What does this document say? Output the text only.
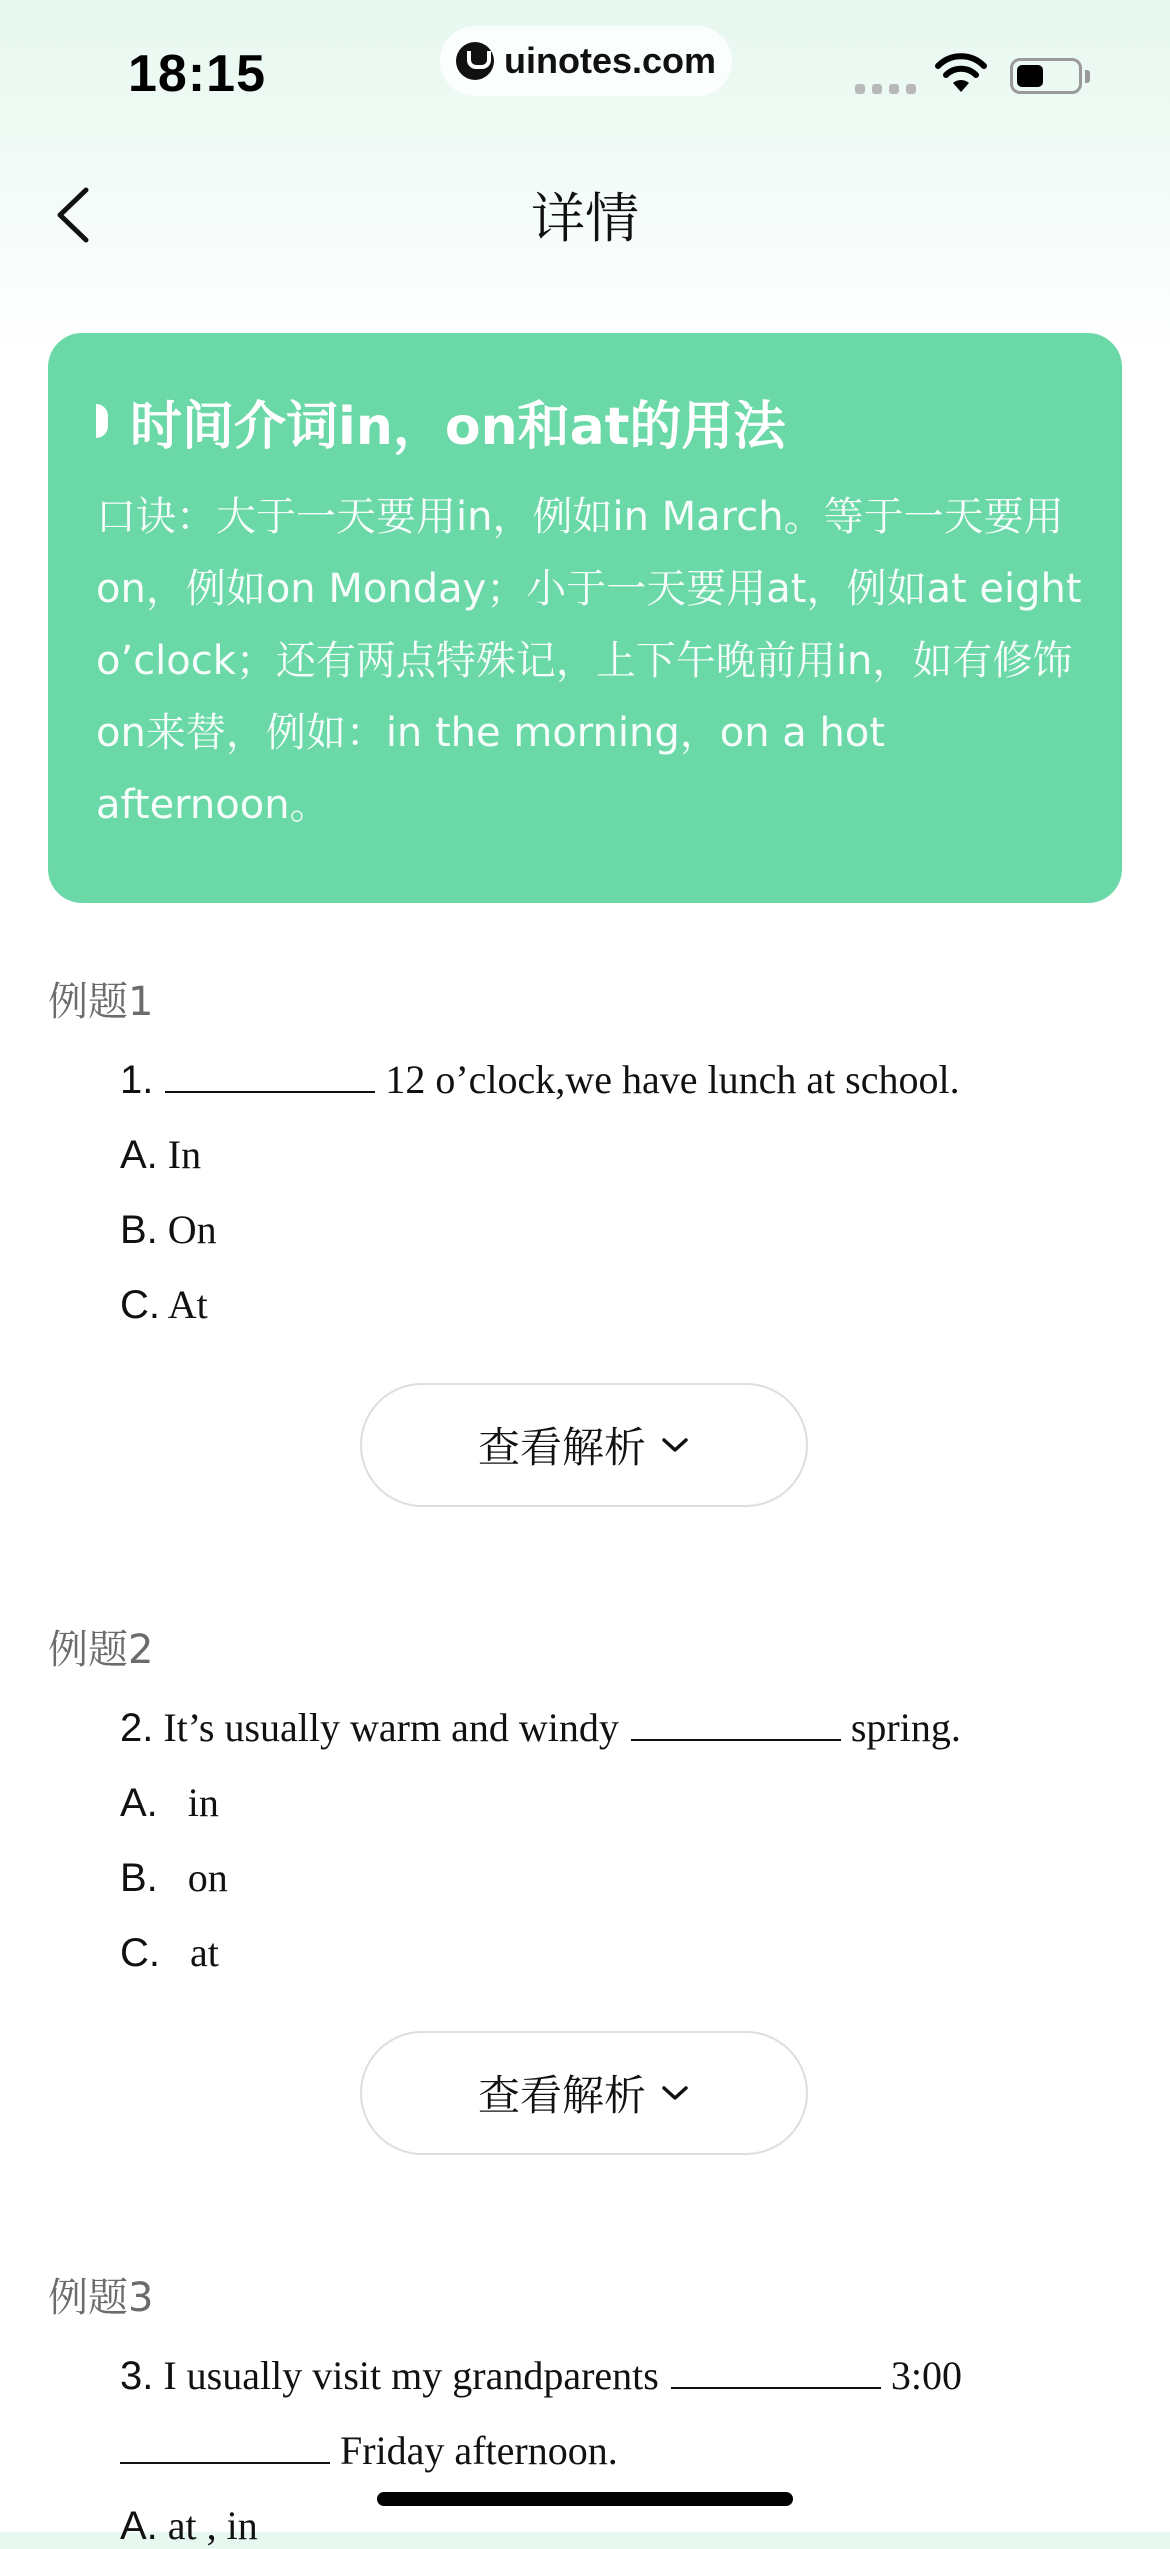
18:15	uinotes.com
详情
时间介词in，on和at的用法
口诀：大于一天要用in，例如in March。等于一天要用on，例如on Monday；小于一天要用at，例如at eight o’clock；还有两点特殊记，上下午晚前用in，如有修饰on来替，例如：in the morning，on a hot afternoon。
例题1
1.	12 o’clock,we have lunch at school.
A. In
B. On
C. At
查看解析
例题2
2. It’s usually warm and windy	spring.
A. in
B. on
C. at
查看解析
例题3
3. I usually visit my grandparents	3:00
Friday afternoon.
A. at , in
